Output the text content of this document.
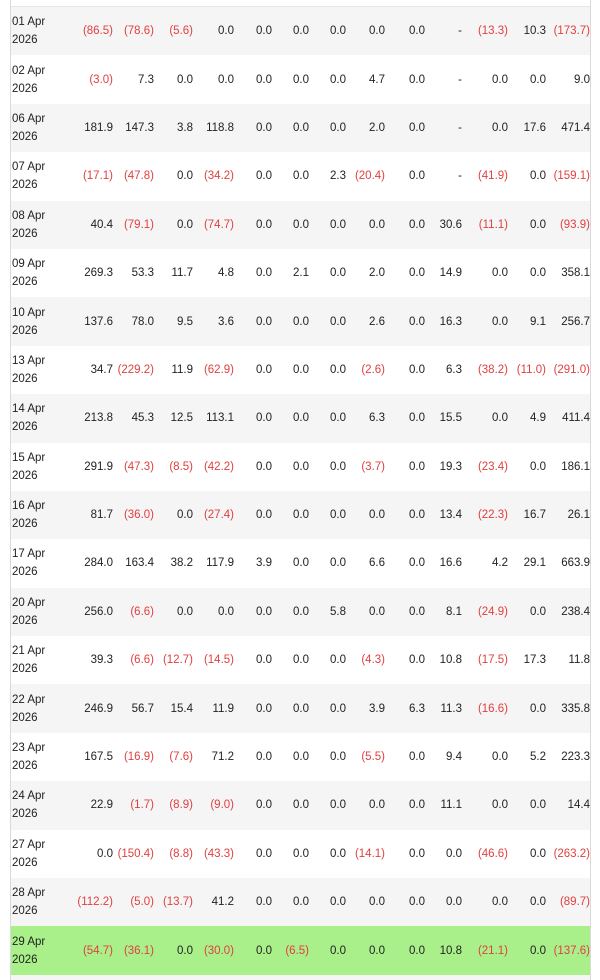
01 Apr 2026	(86.5)	(78.6)	(5.6)	0.0	0.0	0.0	0.0	0.0	0.0	-	(13.3)	10.3	(173.7)
02 Apr 2026	(3.0)	7.3	0.0	0.0	0.0	0.0	0.0	4.7	0.0	-	0.0	0.0	9.0
06 Apr 2026	181.9	147.3	3.8	118.8	0.0	0.0	0.0	2.0	0.0	-	0.0	17.6	471.4
07 Apr 2026	(17.1)	(47.8)	0.0	(34.2)	0.0	0.0	2.3	(20.4)	0.0	-	(41.9)	0.0	(159.1)
08 Apr 2026	40.4	(79.1)	0.0	(74.7)	0.0	0.0	0.0	0.0	0.0	30.6	(11.1)	0.0	(93.9)
09 Apr 2026	269.3	53.3	11.7	4.8	0.0	2.1	0.0	2.0	0.0	14.9	0.0	0.0	358.1
10 Apr 2026	137.6	78.0	9.5	3.6	0.0	0.0	0.0	2.6	0.0	16.3	0.0	9.1	256.7
13 Apr 2026	34.7	(229.2)	11.9	(62.9)	0.0	0.0	0.0	(2.6)	0.0	6.3	(38.2)	(11.0)	(291.0)
14 Apr 2026	213.8	45.3	12.5	113.1	0.0	0.0	0.0	6.3	0.0	15.5	0.0	4.9	411.4
15 Apr 2026	291.9	(47.3)	(8.5)	(42.2)	0.0	0.0	0.0	(3.7)	0.0	19.3	(23.4)	0.0	186.1
16 Apr 2026	81.7	(36.0)	0.0	(27.4)	0.0	0.0	0.0	0.0	0.0	13.4	(22.3)	16.7	26.1
17 Apr 2026	284.0	163.4	38.2	117.9	3.9	0.0	0.0	6.6	0.0	16.6	4.2	29.1	663.9
20 Apr 2026	256.0	(6.6)	0.0	0.0	0.0	0.0	5.8	0.0	0.0	8.1	(24.9)	0.0	238.4
21 Apr 2026	39.3	(6.6)	(12.7)	(14.5)	0.0	0.0	0.0	(4.3)	0.0	10.8	(17.5)	17.3	11.8
22 Apr 2026	246.9	56.7	15.4	11.9	0.0	0.0	0.0	3.9	6.3	11.3	(16.6)	0.0	335.8
23 Apr 2026	167.5	(16.9)	(7.6)	71.2	0.0	0.0	0.0	(5.5)	0.0	9.4	0.0	5.2	223.3
24 Apr 2026	22.9	(1.7)	(8.9)	(9.0)	0.0	0.0	0.0	0.0	0.0	11.1	0.0	0.0	14.4
27 Apr 2026	0.0	(150.4)	(8.8)	(43.3)	0.0	0.0	0.0	(14.1)	0.0	0.0	(46.6)	0.0	(263.2)
28 Apr 2026	(112.2)	(5.0)	(13.7)	41.2	0.0	0.0	0.0	0.0	0.0	0.0	0.0	0.0	(89.7)
29 Apr 2026	(54.7)	(36.1)	0.0	(30.0)	0.0	(6.5)	0.0	0.0	0.0	10.8	(21.1)	0.0	(137.6)
